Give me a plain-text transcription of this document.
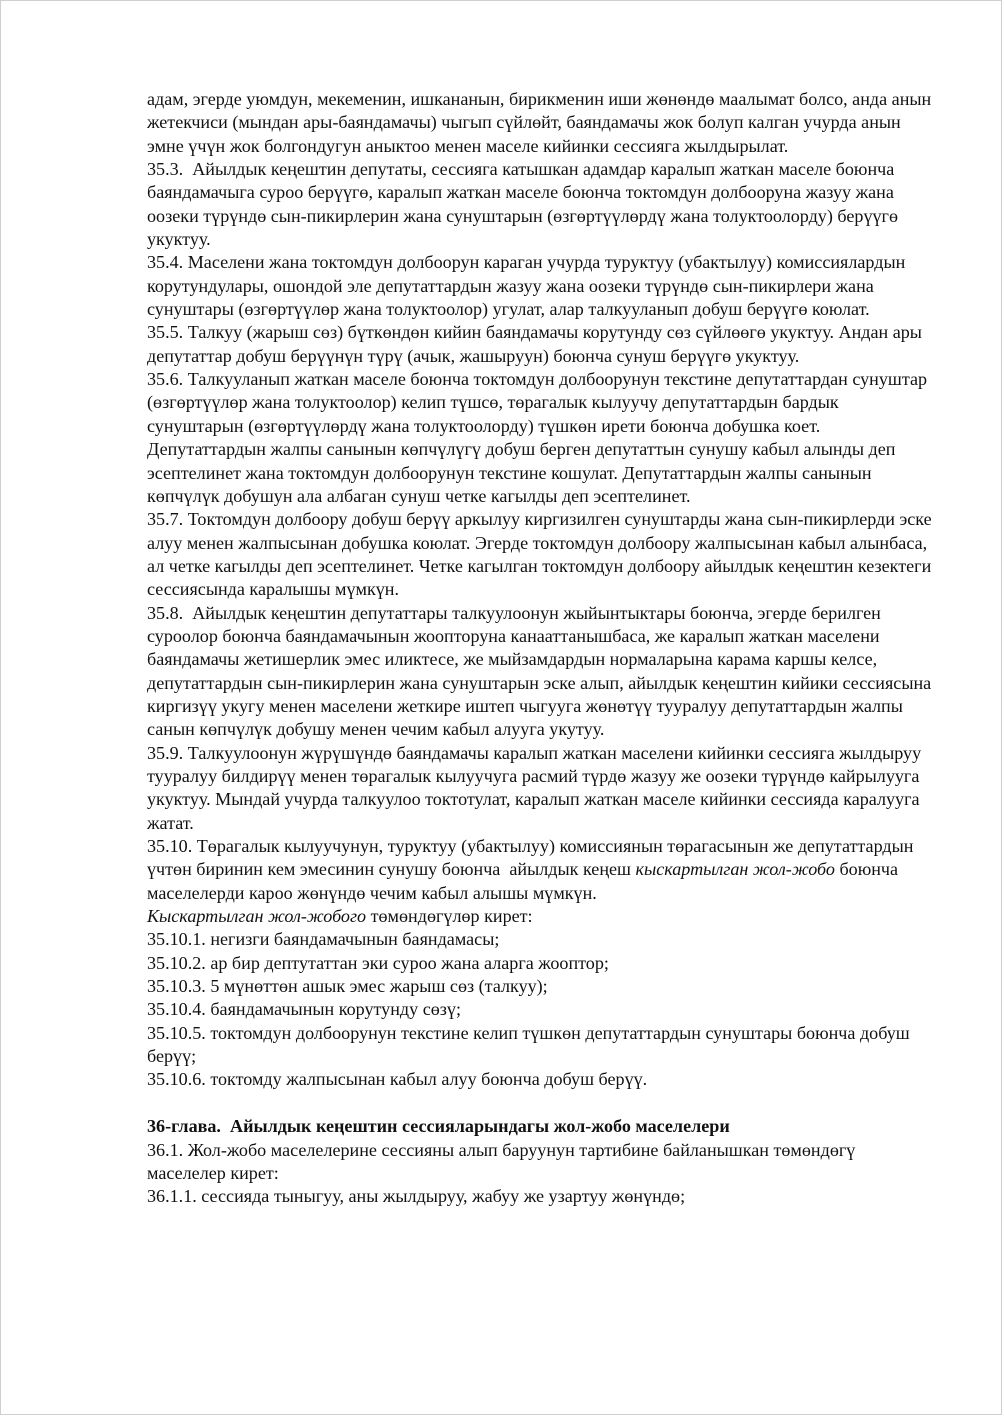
адам, эгерде уюмдун, мекеменин, ишкананын, бирикменин иши жөнөндө маалымат болсо, анда анын жетекчиси (мындан ары-баяндамачы) чыгып сүйлөйт, баяндамачы жок болуп калган учурда анын эмне үчүн жок болгондугун аныктоо менен маселе кийинки сессияга жылдырылат.

35.3.  Айылдык кеңештин депутаты, сессияга катышкан адамдар каралып жаткан маселе боюнча баяндамачыга суроо берүүгө, каралып жаткан маселе боюнча токтомдун долбооруна жазуу жана оозеки түрүндө сын-пикирлерин жана сунуштарын (өзгөртүүлөрдү жана толуктоолорду) берүүгө укуктуу.

35.4. Маселени жана токтомдун долбоорун караган учурда туруктуу (убактылуу) комиссиялардын корутундулары, ошондой эле депутаттардын жазуу жана оозеки түрүндө сын-пикирлери жана сунуштары (өзгөртүүлөр жана толуктоолор) угулат, алар талкууланып добуш берүүгө коюлат.

35.5. Талкуу (жарыш сөз) бүткөндөн кийин баяндамачы корутунду сөз сүйлөөгө укуктуу. Андан ары депутаттар добуш берүүнүн түрү (ачык, жашыруун) боюнча сунуш берүүгө укуктуу.

35.6. Талкууланып жаткан маселе боюнча токтомдун долбоорунун текстине депутаттардан сунуштар (өзгөртүүлөр жана толуктоолор) келип түшсө, төрагалык кылуучу депутаттардын бардык сунуштарын (өзгөртүүлөрдү жана толуктоолорду) түшкөн ирети боюнча добушка коет. Депутаттардын жалпы санынын көпчүлүгү добуш берген депутаттын сунушу кабыл алынды деп эсептелинет жана токтомдун долбоорунун текстине кошулат. Депутаттардын жалпы санынын көпчүлүк добушун ала албаган сунуш четке кагылды деп эсептелинет.

35.7. Токтомдун долбоору добуш берүү аркылуу киргизилген сунуштарды жана сын-пикирлерди эске алуу менен жалпысынан добушка коюлат. Эгерде токтомдун долбоору жалпысынан кабыл алынбаса, ал четке кагылды деп эсептелинет. Четке кагылган токтомдун долбоору айылдык кеңештин кезектеги сессиясында каралышы мүмкүн.

35.8.  Айылдык кеңештин депутаттары талкуулоонун жыйынтыктары боюнча, эгерде берилген суроолор боюнча баяндамачынын жоопторуна канааттанышбаса, же каралып жаткан маселени баяндамачы жетишерлик эмес иликтесе, же мыйзамдардын нормаларына карама каршы келсе, депутаттардын сын-пикирлерин жана сунуштарын эске алып, айылдык кеңештин кийики сессиясына киргизүү укугу менен маселени жеткире иштеп чыгууга жөнөтүү тууралуу депутаттардын жалпы санын көпчүлүк добушу менен чечим кабыл алууга укутуу.

35.9. Талкуулоонун жүрүшүндө баяндамачы каралып жаткан маселени кийинки сессияга жылдыруу тууралуу билдирүү менен төрагалык кылуучуга расмий түрдө жазуу же оозеки түрүндө кайрылууга укуктуу. Мындай учурда талкуулоо токтотулат, каралып жаткан маселе кийинки сессияда каралууга жатат.

35.10. Төрагалык кылуучунун, туруктуу (убактылуу) комиссиянын төрагасынын же депутаттардын үчтөн биринин кем эмесинин сунушу боюнча  айылдык кеңеш кыскартылган жол-жобо боюнча маселелерди карoo жөнүндө чечим кабыл алышы мүмкүн.

Кыскартылган жол-жобого төмөндөгүлөр кирет:

35.10.1. негизги баяндамачынын баяндамасы;

35.10.2. ар бир дептутаттан эки суроо жана аларга жооптор;

35.10.3. 5 мүнөттөн ашык эмес жарыш сөз (талкуу);

35.10.4. баяндамачынын корутунду сөзү;

35.10.5. токтомдун долбоорунун текстине келип түшкөн депутаттардын сунуштары боюнча добуш берүү;

35.10.6. токтомду жалпысынан кабыл алуу боюнча добуш берүү.

36-глава.  Айылдык кеңештин сессияларындагы жол-жобо маселелери

36.1. Жол-жобо маселелерине сессияны алып баруунун тартибине байланышкан төмөндөгү маселелер кирет:

36.1.1. сессияда тыныгуу, аны жылдыруу, жабуу же узартуу жөнүндө;
